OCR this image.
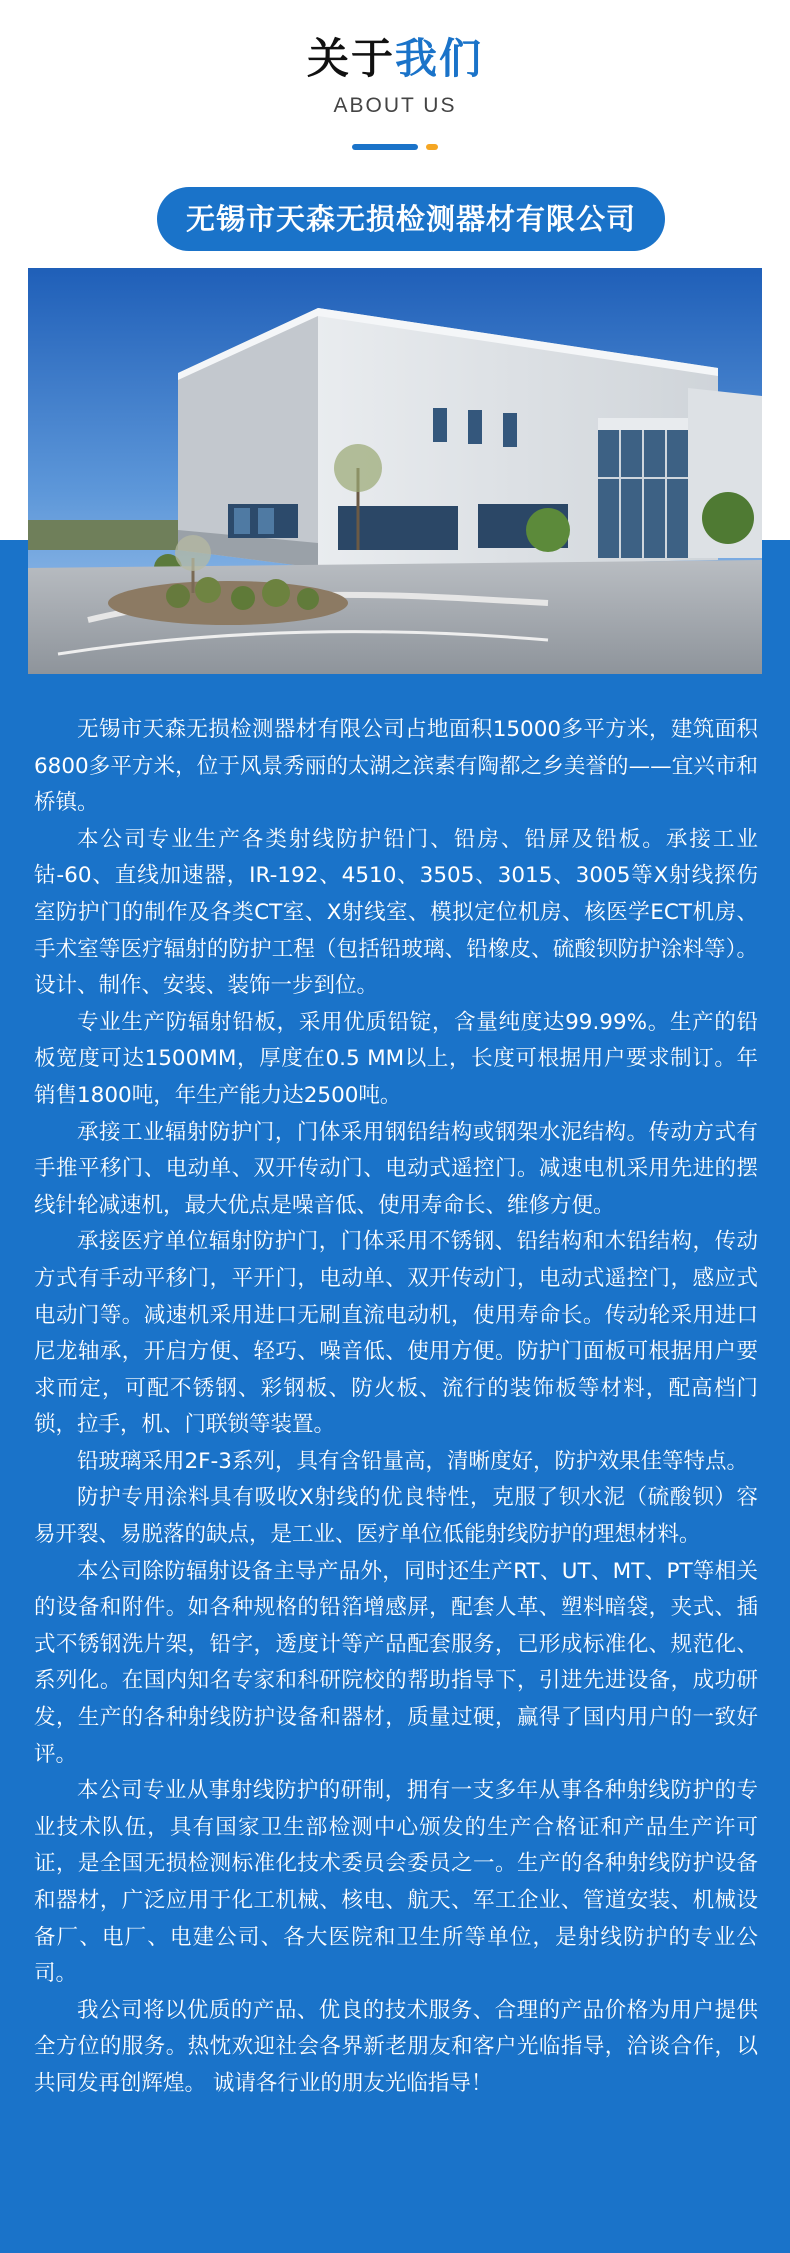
关于我们
ABOUT US
无锡市天森无损检测器材有限公司

无锡市天森无损检测器材有限公司占地面积15000多平方米，建筑面积6800多平方米，位于风景秀丽的太湖之滨素有陶都之乡美誉的——宜兴市和桥镇。

本公司专业生产各类射线防护铅门、铅房、铅屏及铅板。承接工业钴-60、直线加速器，IR-192、4510、3505、3015、3005等X射线探伤室防护门的制作及各类CT室、X射线室、模拟定位机房、核医学ECT机房、手术室等医疗辐射的防护工程（包括铅玻璃、铅橡皮、硫酸钡防护涂料等）。设计、制作、安装、装饰一步到位。

专业生产防辐射铅板，采用优质铅锭，含量纯度达99.99%。生产的铅板宽度可达1500MM，厚度在0.5 MM以上，长度可根据用户要求制订。年销售1800吨，年生产能力达2500吨。

承接工业辐射防护门，门体采用钢铅结构或钢架水泥结构。传动方式有手推平移门、电动单、双开传动门、电动式遥控门。减速电机采用先进的摆线针轮减速机，最大优点是噪音低、使用寿命长、维修方便。

承接医疗单位辐射防护门，门体采用不锈钢、铅结构和木铅结构，传动方式有手动平移门，平开门，电动单、双开传动门，电动式遥控门，感应式电动门等。减速机采用进口无刷直流电动机，使用寿命长。传动轮采用进口尼龙轴承，开启方便、轻巧、噪音低、使用方便。防护门面板可根据用户要求而定，可配不锈钢、彩钢板、防火板、流行的装饰板等材料，配高档门锁，拉手，机、门联锁等装置。

铅玻璃采用2F-3系列，具有含铅量高，清晰度好，防护效果佳等特点。

防护专用涂料具有吸收X射线的优良特性，克服了钡水泥（硫酸钡）容易开裂、易脱落的缺点，是工业、医疗单位低能射线防护的理想材料。

本公司除防辐射设备主导产品外，同时还生产RT、UT、MT、PT等相关的设备和附件。如各种规格的铅箔增感屏，配套人革、塑料暗袋，夹式、插式不锈钢洗片架，铅字，透度计等产品配套服务，已形成标准化、规范化、系列化。在国内知名专家和科研院校的帮助指导下，引进先进设备，成功研发，生产的各种射线防护设备和器材，质量过硬，赢得了国内用户的一致好评。

本公司专业从事射线防护的研制，拥有一支多年从事各种射线防护的专业技术队伍，具有国家卫生部检测中心颁发的生产合格证和产品生产许可证，是全国无损检测标准化技术委员会委员之一。生产的各种射线防护设备和器材，广泛应用于化工机械、核电、航天、军工企业、管道安装、机械设备厂、电厂、电建公司、各大医院和卫生所等单位，是射线防护的专业公司。

我公司将以优质的产品、优良的技术服务、合理的产品价格为用户提供全方位的服务。热忱欢迎社会各界新老朋友和客户光临指导，洽谈合作，以共同发再创辉煌。 诚请各行业的朋友光临指导！
